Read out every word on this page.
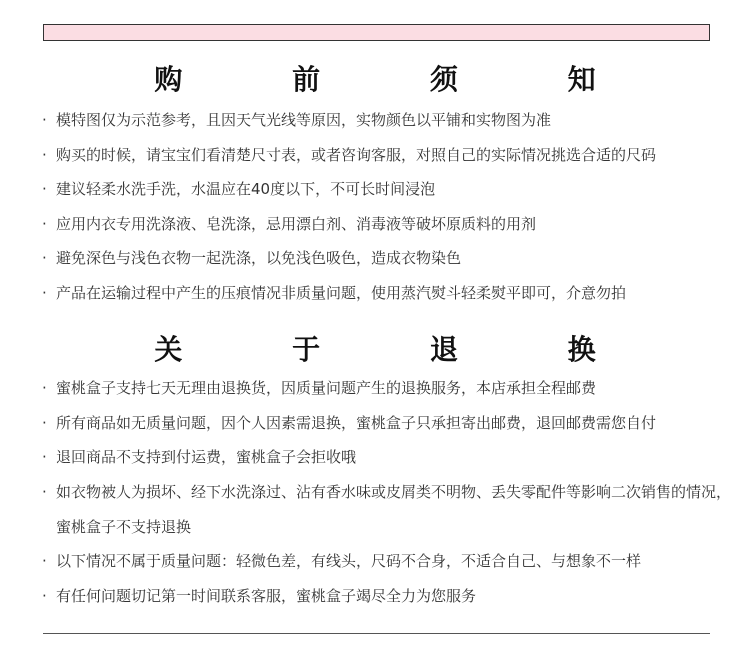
购 前 须 知
· 模特图仅为示范参考，且因天气光线等原因，实物颜色以平铺和实物图为准
· 购买的时候，请宝宝们看清楚尺寸表，或者咨询客服，对照自己的实际情况挑选合适的尺码
· 建议轻柔水洗手洗，水温应在40度以下，不可长时间浸泡
· 应用内衣专用洗涤液、皂洗涤，忌用漂白剂、消毒液等破坏原质料的用剂
· 避免深色与浅色衣物一起洗涤，以免浅色吸色，造成衣物染色
· 产品在运输过程中产生的压痕情况非质量问题，使用蒸汽熨斗轻柔熨平即可，介意勿拍
关 于 退 换
· 蜜桃盒子支持七天无理由退换货，因质量问题产生的退换服务，本店承担全程邮费
· 所有商品如无质量问题，因个人因素需退换，蜜桃盒子只承担寄出邮费，退回邮费需您自付
· 退回商品不支持到付运费，蜜桃盒子会拒收哦
· 如衣物被人为损坏、经下水洗涤过、沾有香水味或皮屑类不明物、丢失零配件等影响二次销售的情况，蜜桃盒子不支持退换
· 以下情况不属于质量问题：轻微色差，有线头，尺码不合身，不适合自己、与想象不一样
· 有任何问题切记第一时间联系客服，蜜桃盒子竭尽全力为您服务
